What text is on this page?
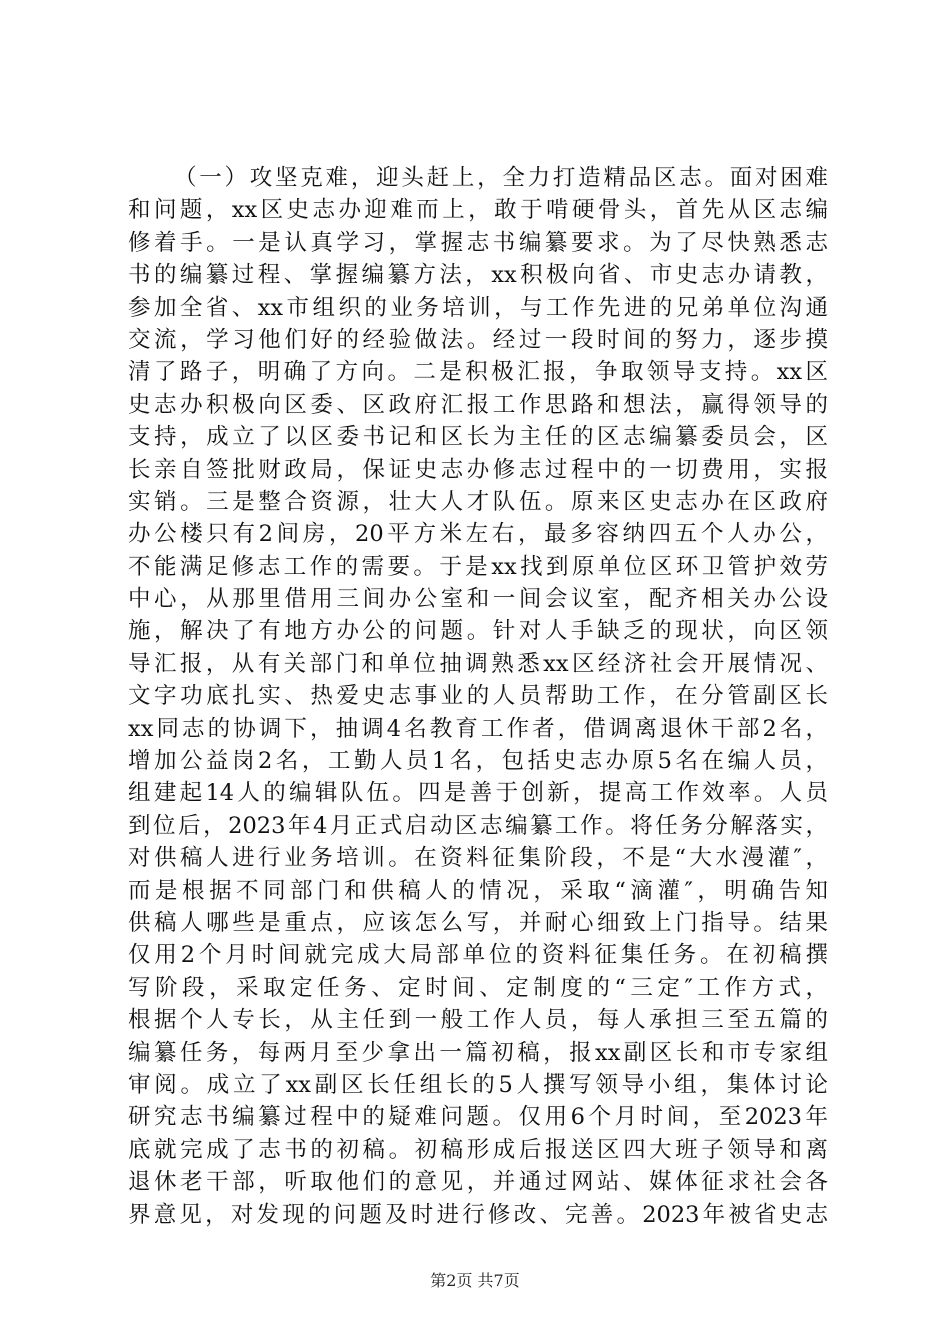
（一）攻坚克难，迎头赶上，全力打造精品区志。面对困难
和问题，xx区史志办迎难而上，敢于啃硬骨头，首先从区志编
修着手。一是认真学习，掌握志书编纂要求。为了尽快熟悉志
书的编纂过程、掌握编纂方法，xx积极向省、市史志办请教，
参加全省、xx市组织的业务培训，与工作先进的兄弟单位沟通
交流，学习他们好的经验做法。经过一段时间的努力，逐步摸
清了路子，明确了方向。二是积极汇报，争取领导支持。xx区
史志办积极向区委、区政府汇报工作思路和想法，赢得领导的
支持，成立了以区委书记和区长为主任的区志编纂委员会，区
长亲自签批财政局，保证史志办修志过程中的一切费用，实报
实销。三是整合资源，壮大人才队伍。原来区史志办在区政府
办公楼只有2间房，20平方米左右，最多容纳四五个人办公，
不能满足修志工作的需要。于是xx找到原单位区环卫管护效劳
中心，从那里借用三间办公室和一间会议室，配齐相关办公设
施，解决了有地方办公的问题。针对人手缺乏的现状，向区领
导汇报，从有关部门和单位抽调熟悉xx区经济社会开展情况、
文字功底扎实、热爱史志事业的人员帮助工作，在分管副区长
xx同志的协调下，抽调4名教育工作者，借调离退休干部2名，
增加公益岗2名，工勤人员1名，包括史志办原5名在编人员，
组建起14人的编辑队伍。四是善于创新，提高工作效率。人员
到位后，2023年4月正式启动区志编纂工作。将任务分解落实，
对供稿人进行业务培训。在资料征集阶段，不是“大水漫灌″，
而是根据不同部门和供稿人的情况，采取“滴灌″，明确告知
供稿人哪些是重点，应该怎么写，并耐心细致上门指导。结果
仅用2个月时间就完成大局部单位的资料征集任务。在初稿撰
写阶段，采取定任务、定时间、定制度的“三定″工作方式，
根据个人专长，从主任到一般工作人员，每人承担三至五篇的
编纂任务，每两月至少拿出一篇初稿，报xx副区长和市专家组
审阅。成立了xx副区长任组长的5人撰写领导小组，集体讨论
研究志书编纂过程中的疑难问题。仅用6个月时间，至2023年
底就完成了志书的初稿。初稿形成后报送区四大班子领导和离
退休老干部，听取他们的意见，并通过网站、媒体征求社会各
界意见，对发现的问题及时进行修改、完善。2023年被省史志
第2页 共7页
